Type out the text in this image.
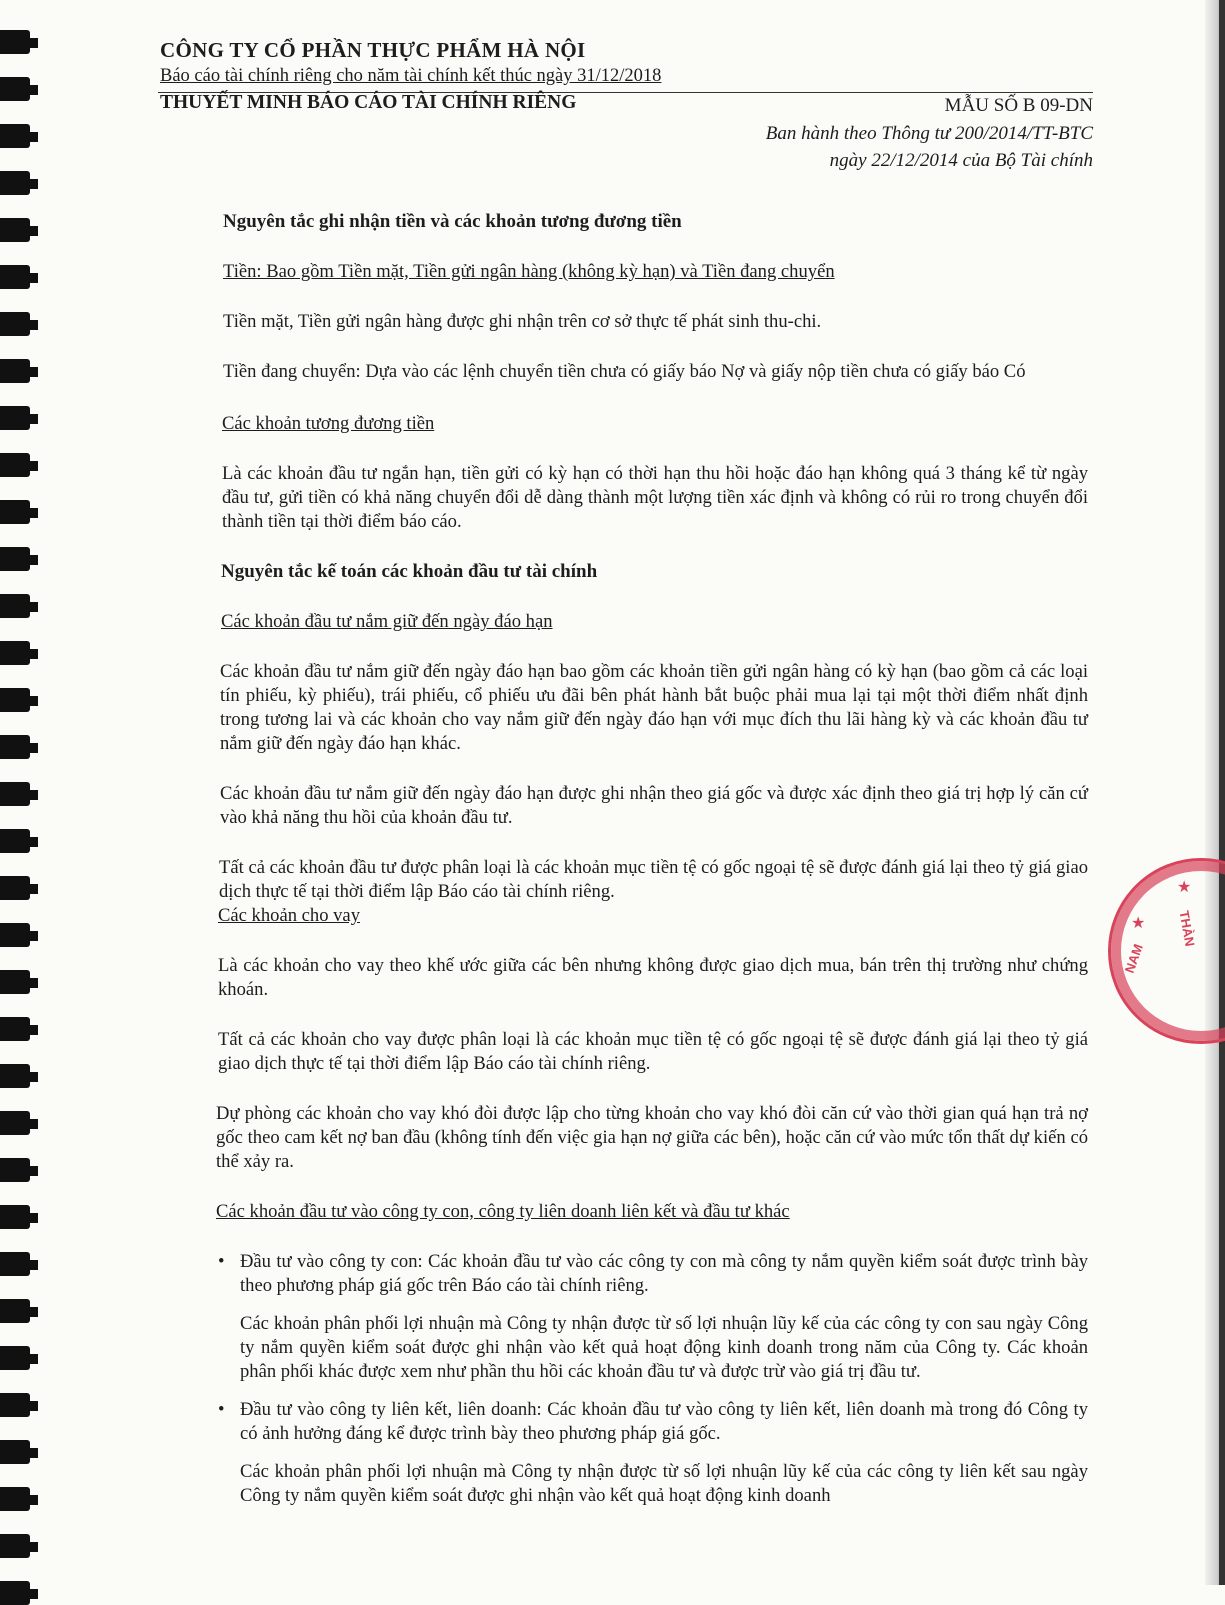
CÔNG TY CỔ PHẦN THỰC PHẨM HÀ NỘI
Báo cáo tài chính riêng cho năm tài chính kết thúc ngày 31/12/2018
THUYẾT MINH BÁO CÁO TÀI CHÍNH RIÊNG	MẪU SỐ B 09-DN
Ban hành theo Thông tư 200/2014/TT-BTC
ngày 22/12/2014 của Bộ Tài chính

Nguyên tắc ghi nhận tiền và các khoản tương đương tiền

Tiền: Bao gồm Tiền mặt, Tiền gửi ngân hàng (không kỳ hạn) và Tiền đang chuyển

Tiền mặt, Tiền gửi ngân hàng được ghi nhận trên cơ sở thực tế phát sinh thu-chi.

Tiền đang chuyển: Dựa vào các lệnh chuyển tiền chưa có giấy báo Nợ và giấy nộp tiền chưa có giấy báo Có

Các khoản tương đương tiền

Là các khoản đầu tư ngắn hạn, tiền gửi có kỳ hạn có thời hạn thu hồi hoặc đáo hạn không quá 3 tháng kể từ ngày đầu tư, gửi tiền có khả năng chuyển đổi dễ dàng thành một lượng tiền xác định và không có rủi ro trong chuyển đổi thành tiền tại thời điểm báo cáo.

Nguyên tắc kế toán các khoản đầu tư tài chính

Các khoản đầu tư nắm giữ đến ngày đáo hạn

Các khoản đầu tư nắm giữ đến ngày đáo hạn bao gồm các khoản tiền gửi ngân hàng có kỳ hạn (bao gồm cả các loại tín phiếu, kỳ phiếu), trái phiếu, cổ phiếu ưu đãi bên phát hành bắt buộc phải mua lại tại một thời điểm nhất định trong tương lai và các khoản cho vay nắm giữ đến ngày đáo hạn với mục đích thu lãi hàng kỳ và các khoản đầu tư nắm giữ đến ngày đáo hạn khác.

Các khoản đầu tư nắm giữ đến ngày đáo hạn được ghi nhận theo giá gốc và được xác định theo giá trị hợp lý căn cứ vào khả năng thu hồi của khoản đầu tư.

Tất cả các khoản đầu tư được phân loại là các khoản mục tiền tệ có gốc ngoại tệ sẽ được đánh giá lại theo tỷ giá giao dịch thực tế tại thời điểm lập Báo cáo tài chính riêng.

Các khoản cho vay

Là các khoản cho vay theo khế ước giữa các bên nhưng không được giao dịch mua, bán trên thị trường như chứng khoán.

Tất cả các khoản cho vay được phân loại là các khoản mục tiền tệ có gốc ngoại tệ sẽ được đánh giá lại theo tỷ giá giao dịch thực tế tại thời điểm lập Báo cáo tài chính riêng.

Dự phòng các khoản cho vay khó đòi được lập cho từng khoản cho vay khó đòi căn cứ vào thời gian quá hạn trả nợ gốc theo cam kết nợ ban đầu (không tính đến việc gia hạn nợ giữa các bên), hoặc căn cứ vào mức tổn thất dự kiến có thể xảy ra.

Các khoản đầu tư vào công ty con, công ty liên doanh liên kết và đầu tư khác

• Đầu tư vào công ty con: Các khoản đầu tư vào các công ty con mà công ty nắm quyền kiểm soát được trình bày theo phương pháp giá gốc trên Báo cáo tài chính riêng.

Các khoản phân phối lợi nhuận mà Công ty nhận được từ số lợi nhuận lũy kế của các công ty con sau ngày Công ty nắm quyền kiểm soát được ghi nhận vào kết quả hoạt động kinh doanh trong năm của Công ty. Các khoản phân phối khác được xem như phần thu hồi các khoản đầu tư và được trừ vào giá trị đầu tư.

• Đầu tư vào công ty liên kết, liên doanh: Các khoản đầu tư vào công ty liên kết, liên doanh mà trong đó Công ty có ảnh hưởng đáng kể được trình bày theo phương pháp giá gốc.

Các khoản phân phối lợi nhuận mà Công ty nhận được từ số lợi nhuận lũy kế của các công ty liên kết sau ngày Công ty nắm quyền kiểm soát được ghi nhận vào kết quả hoạt động kinh doanh

★
★
NAM
THÀN
